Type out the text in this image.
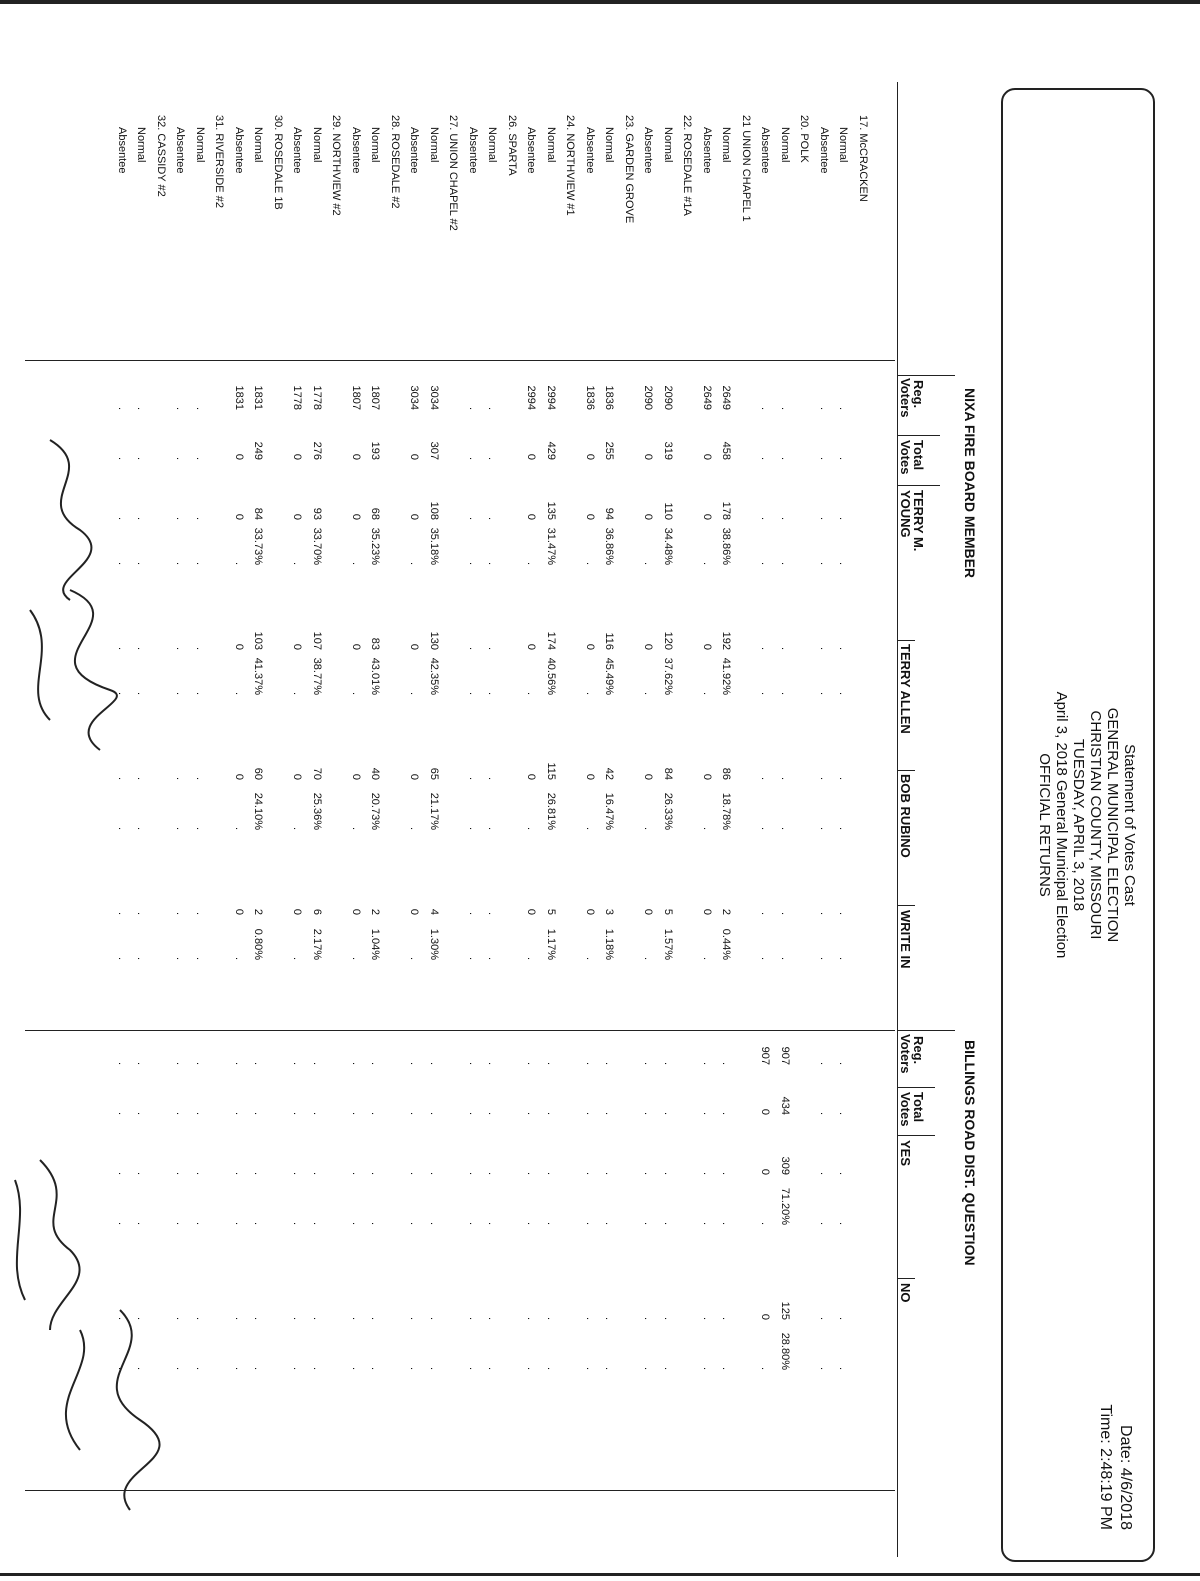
Statement of Votes Cast
GENERAL MUNICIPAL ELECTION
CHRISTIAN COUNTY, MISSOURI
TUESDAY, APRIL 3, 2018
April 3, 2018 General Municipal Election
OFFICIAL RETURNS
Date: 4/6/2018
Time: 2:48:19 PM
NIXA FIRE BOARD MEMBER
BILLINGS ROAD DIST. QUESTION
Reg.
Voters
Total
Votes
TERRY M.
YOUNG
TERRY ALLEN
BOB RUBINO
WRITE IN
Reg.
Voters
Total
Votes
YES
NO
17. McCRACKEN
Normal
.
.
.
.
.
.
.
.
.
.
.
.
.
.
.
.
Absentee
.
.
.
.
.
.
.
.
.
.
.
.
.
.
.
.
20. POLK
Normal
.
.
.
.
.
.
.
.
.
.
907
434
309
71.20%
125
28.80%
Absentee
.
.
.
.
.
.
.
.
.
.
907
0
0
.
0
.
21 UNION CHAPEL 1
Normal
2649
458
178
38.86%
192
41.92%
86
18.78%
2
0.44%
.
.
.
.
.
.
Absentee
2649
0
0
.
0
.
0
.
0
.
.
.
.
.
.
.
22. ROSEDALE #1A
Normal
2090
319
110
34.48%
120
37.62%
84
26.33%
5
1.57%
.
.
.
.
.
.
Absentee
2090
0
0
.
0
.
0
.
0
.
.
.
.
.
.
.
23. GARDEN GROVE
Normal
1836
255
94
36.86%
116
45.49%
42
16.47%
3
1.18%
.
.
.
.
.
.
Absentee
1836
0
0
.
0
.
0
.
0
.
.
.
.
.
.
.
24. NORTHVIEW #1
Normal
2994
429
135
31.47%
174
40.56%
115
26.81%
5
1.17%
.
.
.
.
.
.
Absentee
2994
0
0
.
0
.
0
.
0
.
.
.
.
.
.
.
26. SPARTA
Normal
.
.
.
.
.
.
.
.
.
.
.
.
.
.
.
.
Absentee
.
.
.
.
.
.
.
.
.
.
.
.
.
.
.
.
27. UNION CHAPEL #2
Normal
3034
307
108
35.18%
130
42.35%
65
21.17%
4
1.30%
.
.
.
.
.
.
Absentee
3034
0
0
.
0
.
0
.
0
.
.
.
.
.
.
.
28. ROSEDALE #2
Normal
1807
193
68
35.23%
83
43.01%
40
20.73%
2
1.04%
.
.
.
.
.
.
Absentee
1807
0
0
.
0
.
0
.
0
.
.
.
.
.
.
.
29. NORTHVIEW #2
Normal
1778
276
93
33.70%
107
38.77%
70
25.36%
6
2.17%
.
.
.
.
.
.
Absentee
1778
0
0
.
0
.
0
.
0
.
.
.
.
.
.
.
30. ROSEDALE 1B
Normal
1831
249
84
33.73%
103
41.37%
60
24.10%
2
0.80%
.
.
.
.
.
.
Absentee
1831
0
0
.
0
.
0
.
0
.
.
.
.
.
.
.
31. RIVERSIDE #2
Normal
.
.
.
.
.
.
.
.
.
.
.
.
.
.
.
.
Absentee
.
.
.
.
.
.
.
.
.
.
.
.
.
.
.
.
32. CASSIDY #2
Normal
.
.
.
.
.
.
.
.
.
.
.
.
.
.
.
.
Absentee
.
.
.
.
.
.
.
.
.
.
.
.
.
.
.
.
